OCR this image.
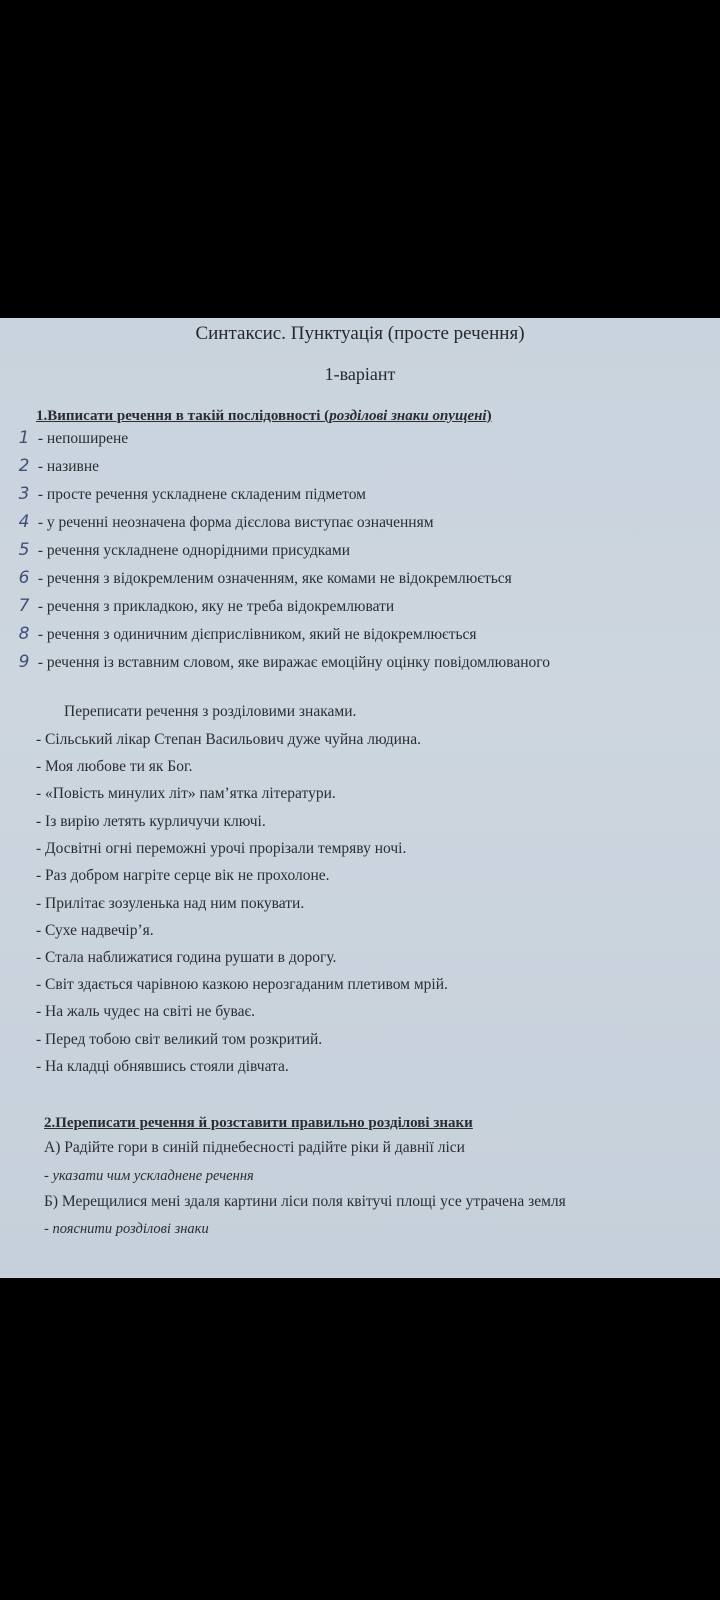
Синтаксис. Пунктуація (просте речення)
1-варіант
1.Виписати речення в такій послідовності (розділові знаки опущені)
1 - непоширене
2 - називне
3 - просте речення ускладнене складеним підметом
4 - у реченні неозначена форма дієслова виступає означенням
5 - речення ускладнене однорідними присудками
6 - речення з відокремленим означенням, яке комами не відокремлюється
7 - речення з прикладкою, яку не треба відокремлювати
8 - речення з одиничним дієприслівником, який не відокремлюється
9 - речення із вставним словом, яке виражає емоційну оцінку повідомлюваного
Переписати речення з розділовими знаками.
- Сільський лікар Степан Васильович дуже чуйна людина.
- Моя любове ти як Бог.
- «Повість минулих літ» пам’ятка літератури.
- Із вирію летять курличучи ключі.
- Досвітні огні переможні урочі прорізали темряву ночі.
- Раз добром нагріте серце вік не прохолоне.
- Прилітає зозуленька над ним покувати.
- Сухе надвечір’я.
- Стала наближатися година рушати в дорогу.
- Світ здається чарівною казкою нерозгаданим плетивом мрій.
- На жаль чудес на світі не буває.
- Перед тобою світ великий том розкритий.
- На кладці обнявшись стояли дівчата.
2.Переписати речення й розставити правильно розділові знаки
А) Радійте гори в синій піднебесності радійте ріки й давнії ліси
- указати чим ускладнене речення
Б) Мерещилися мені здаля картини ліси поля квітучі площі усе утрачена земля
- пояснити розділові знаки
